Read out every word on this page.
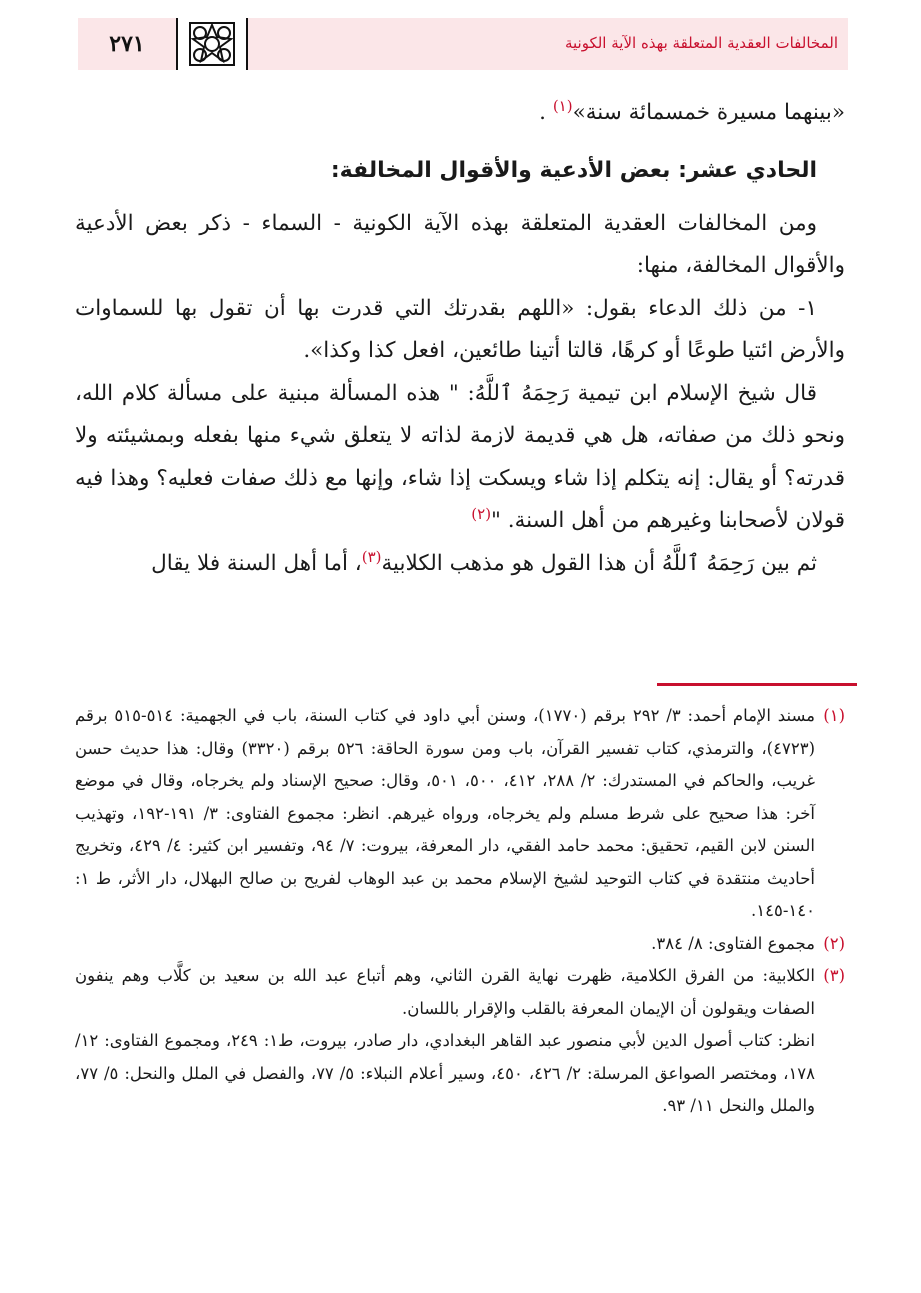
المخالفات العقدية المتعلقة بهذه الآية الكونية
٢٧١

«بينهما مسيرة خمسمائة سنة»$^{(١)}$ .

الحادي عشر: بعض الأدعية والأقوال المخالفة:

ومن المخالفات العقدية المتعلقة بهذه الآية الكونية - السماء - ذكر بعض الأدعية والأقوال المخالفة، منها:

١- من ذلك الدعاء بقول: «اللهم بقدرتك التي قدرت بها أن تقول بها للسماوات والأرض ائتيا طوعًا أو كرهًا، قالتا أتينا طائعين، افعل كذا وكذا».

قال شيخ الإسلام ابن تيمية رَحِمَهُ ٱللَّهُ: " هذه المسألة مبنية على مسألة كلام الله، ونحو ذلك من صفاته، هل هي قديمة لازمة لذاته لا يتعلق شيء منها بفعله وبمشيئته ولا قدرته؟ أو يقال: إنه يتكلم إذا شاء ويسكت إذا شاء، وإنها مع ذلك صفات فعليه؟ وهذا فيه قولان لأصحابنا وغيرهم من أهل السنة. "$^{(٢)}$

ثم بين رَحِمَهُ ٱللَّهُ أن هذا القول هو مذهب الكلابية$^{(٣)}$، أما أهل السنة فلا يقال

(١)

مسند الإمام أحمد: ٣/ ٢٩٢ برقم (١٧٧٠)، وسنن أبي داود في كتاب السنة، باب في الجهمية: ٥١٤-٥١٥ برقم (٤٧٢٣)، والترمذي، كتاب تفسير القرآن، باب ومن سورة الحاقة: ٥٢٦ برقم (٣٣٢٠) وقال: هذا حديث حسن غريب، والحاكم في المستدرك: ٢/ ٢٨٨، ٤١٢، ٥٠٠، ٥٠١، وقال: صحيح الإسناد ولم يخرجاه، وقال في موضع آخر: هذا صحيح على شرط مسلم ولم يخرجاه، ورواه غيرهم. انظر: مجموع الفتاوى: ٣/ ١٩١-١٩٢، وتهذيب السنن لابن القيم، تحقيق: محمد حامد الفقي، دار المعرفة، بيروت: ٧/ ٩٤، وتفسير ابن كثير: ٤/ ٤٢٩، وتخريج أحاديث منتقدة في كتاب التوحيد لشيخ الإسلام محمد بن عبد الوهاب لفريح بن صالح البهلال، دار الأثر، ط ١: ١٤٠-١٤٥.

(٢)

مجموع الفتاوى: ٨/ ٣٨٤.

(٣)

الكلابية: من الفرق الكلامية، ظهرت نهاية القرن الثاني، وهم أتباع عبد الله بن سعيد بن كلَّاب وهم ينفون الصفات ويقولون أن الإيمان المعرفة بالقلب والإقرار باللسان.

انظر: كتاب أصول الدين لأبي منصور عبد القاهر البغدادي، دار صادر، بيروت، ط١: ٢٤٩، ومجموع الفتاوى: ١٢/ ١٧٨، ومختصر الصواعق المرسلة: ٢/ ٤٢٦، ٤٥٠، وسير أعلام النبلاء: ٥/ ٧٧، والفصل في الملل والنحل: ٥/ ٧٧، والملل والنحل ١١/ ٩٣.
